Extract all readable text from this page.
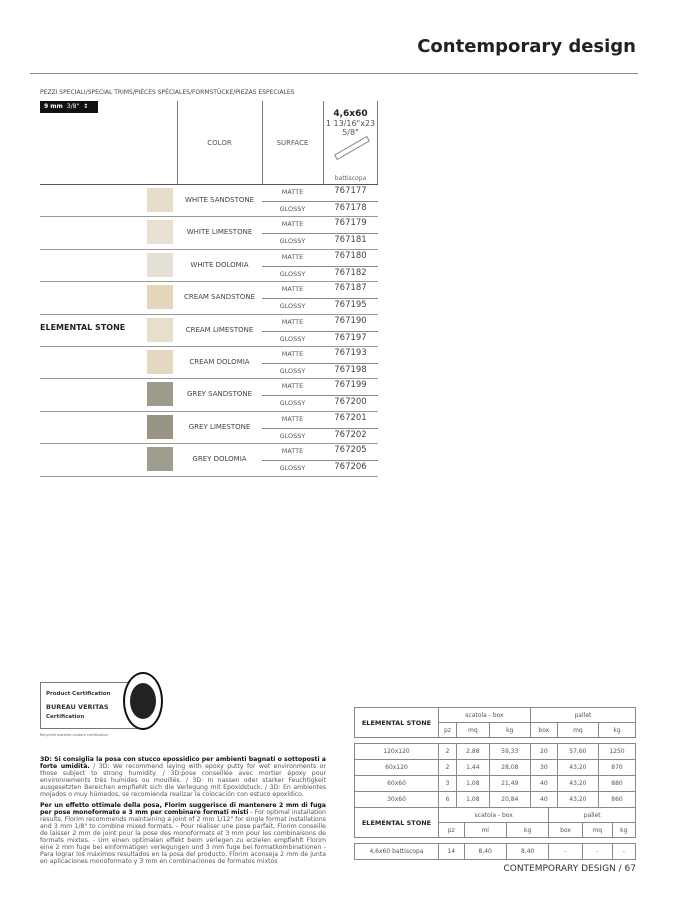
Contemporary design
PEZZI SPECIALI/SPECIAL TRIMS/PIÈCES SPÉCIALES/FORMSTÜCKE/PIEZAS ESPECIALES
9 mm 3/8" ↕
COLOR	SURFACE
4,6x60
1 13/16"x23 5/8"
battiscopa
ELEMENTAL STONE
WHITE SANDSTONE
MATTE	767177
GLOSSY	767178
WHITE LIMESTONE
MATTE	767179
GLOSSY	767181
WHITE DOLOMIA
MATTE	767180
GLOSSY	767182
CREAM SANDSTONE
MATTE	767187
GLOSSY	767195
CREAM LIMESTONE
MATTE	767190
GLOSSY	767197
CREAM DOLOMIA
MATTE	767193
GLOSSY	767198
GREY SANDSTONE
MATTE	767199
GLOSSY	767200
GREY LIMESTONE
MATTE	767201
GLOSSY	767202
GREY DOLOMIA
MATTE	767205
GLOSSY	767206
Product Certification
BUREAU VERITAS
Certification
Recycled material content certification
3D: Si consiglia la posa con stucco epossidico per ambienti bagnati o sottoposti a forte umidità. / 3D: We recommend laying with epoxy putty for wet environments or those subject to strong humidity. / 3D:pose conseillée avec mortier époxy pour environnements très humides ou mouillés. / 3D: In nassen oder starker Feuchtigkeit ausgesetzten Bereichen empfiehlt sich die Verlegung mit Epoxidstuck. / 3D: En ambientes mojados o muy húmedos, se recomienda realizar la colocación con estuco epoxídico.
Per un effetto ottimale della posa, Florim suggerisce di mantenere 2 mm di fuga per pose monoformato e 3 mm per combinare formati misti - For optimal installation results, Florim recommends maintaining a joint of 2 mm 1/12" for single format installations and 3 mm 1/8" to combine mixed formats. - Pour réaliser une pose parfait, Florim conseille de laisser 2 mm de joint pour la pose des monoformats et 3 mm pour les combinaisons de formats mixtes. - Um einen optimalen effekt beim verlegen zu erzielen empfiehlt Florim eine 2 mm fuge bei einformatigen verlegungen und 3 mm fuge bei formatkombinationen - Para lograr los máximos resultados en la posa del producto, Florim aconseja 2 mm de junta en aplicaciones monoformato y 3 mm en combinaciones de formatos mixtos
ELEMENTAL STONE	scatola - box			pallet		
	pz	mq	kg	box	mq	kg

120x120	2	2,88	59,33	20	57,60	1250
60x120	2	1,44	28,08	30	43,20	870
60x60	3	1,08	21,49	40	43,20	880
30x60	6	1,08	20,84	40	43,20	860
ELEMENTAL STONE	scatola - box			pallet		
	pz	ml	kg	box	mq	kg

4,6x60 battiscopa	14	8,40	8,40	-	-	-
CONTEMPORARY DESIGN / 67
